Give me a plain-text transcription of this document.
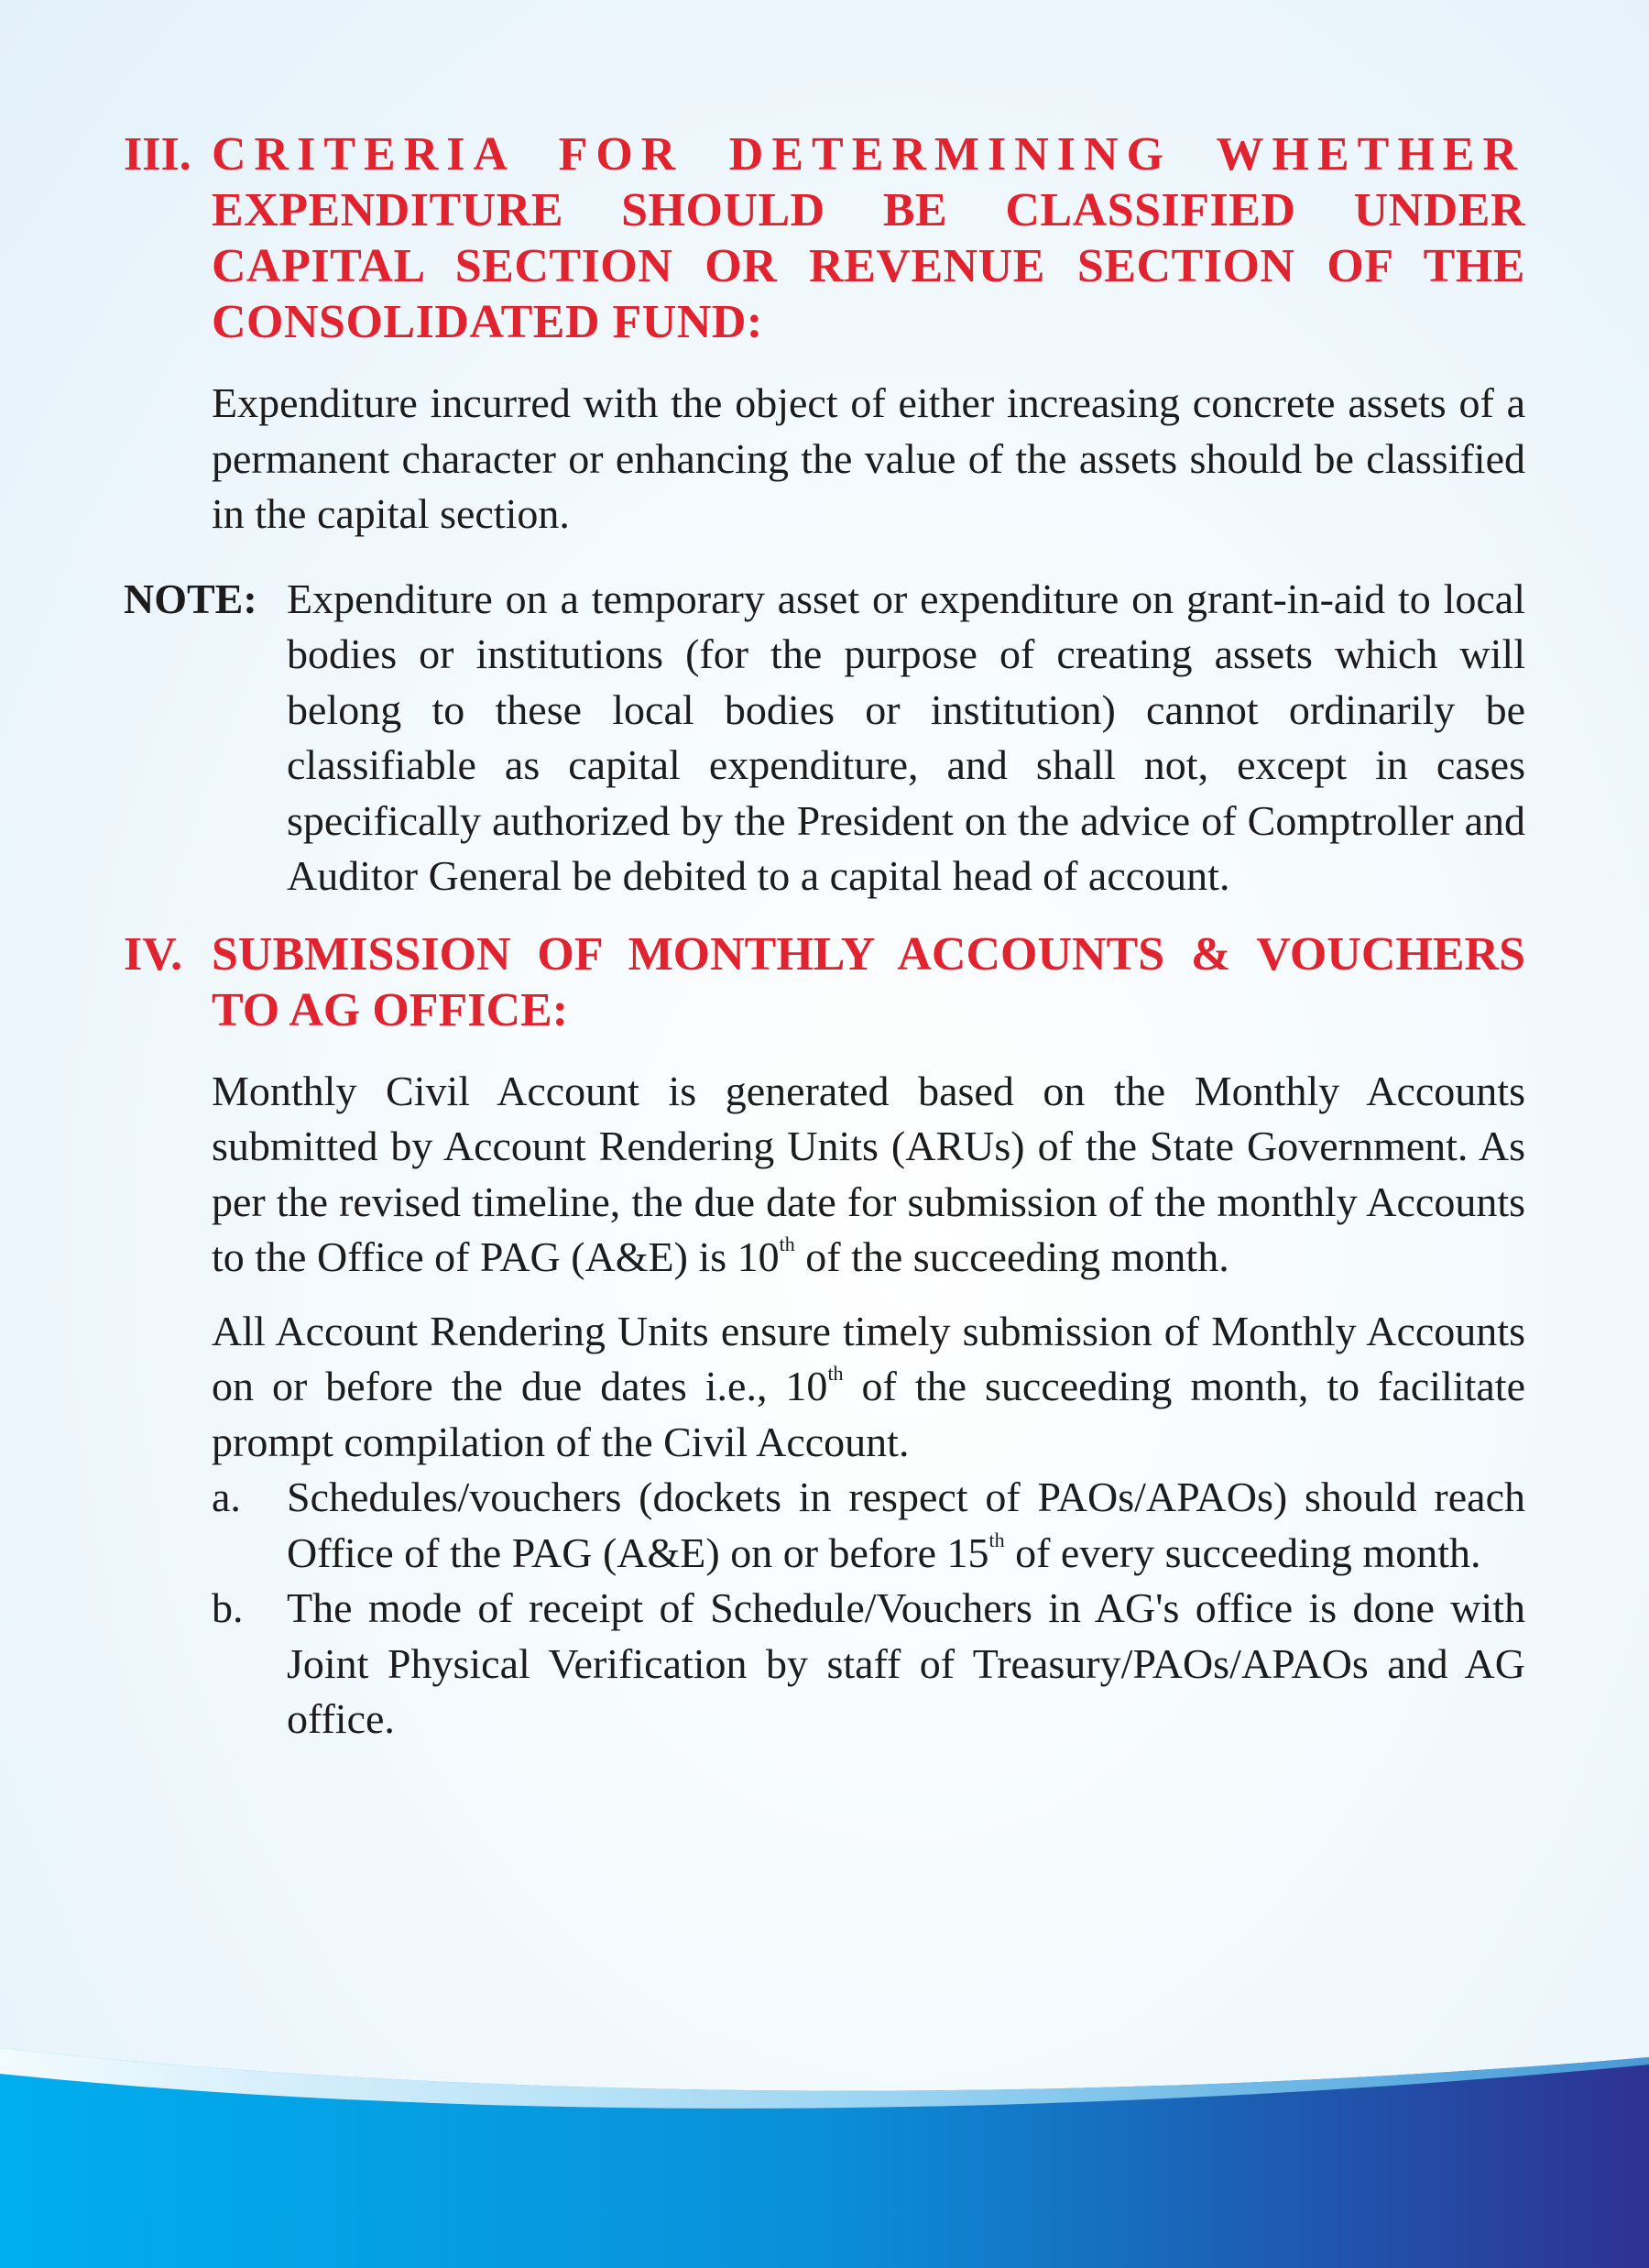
III. CRITERIA FOR DETERMINING WHETHER
EXPENDITURE SHOULD BE CLASSIFIED UNDER CAPITAL SECTION OR REVENUE SECTION OF THE CONSOLIDATED FUND:

Expenditure incurred with the object of either increasing concrete assets of a permanent character or enhancing the value of the assets should be classified in the capital section.

NOTE: Expenditure on a temporary asset or expenditure on grant-in-aid to local bodies or institutions (for the purpose of creating assets which will belong to these local bodies or institution) cannot ordinarily be classifiable as capital expenditure, and shall not, except in cases specifically authorized by the President on the advice of Comptroller and Auditor General be debited to a capital head of account.
IV. SUBMISSION OF MONTHLY ACCOUNTS & VOUCHERS TO AG OFFICE:

Monthly Civil Account is generated based on the Monthly Accounts submitted by Account Rendering Units (ARUs) of the State Government. As per the revised timeline, the due date for submission of the monthly Accounts to the Office of PAG (A&E) is 10th of the succeeding month.

All Account Rendering Units ensure timely submission of Monthly Accounts on or before the due dates i.e., 10th of the succeeding month, to facilitate prompt compilation of the Civil Account.

a.	Schedules/vouchers (dockets in respect of PAOs/APAOs) should reach Office of the PAG (A&E) on or before 15th of every succeeding month.
b.	The mode of receipt of Schedule/Vouchers in AG's office is done with Joint Physical Verification by staff of Treasury/PAOs/APAOs and AG office.
